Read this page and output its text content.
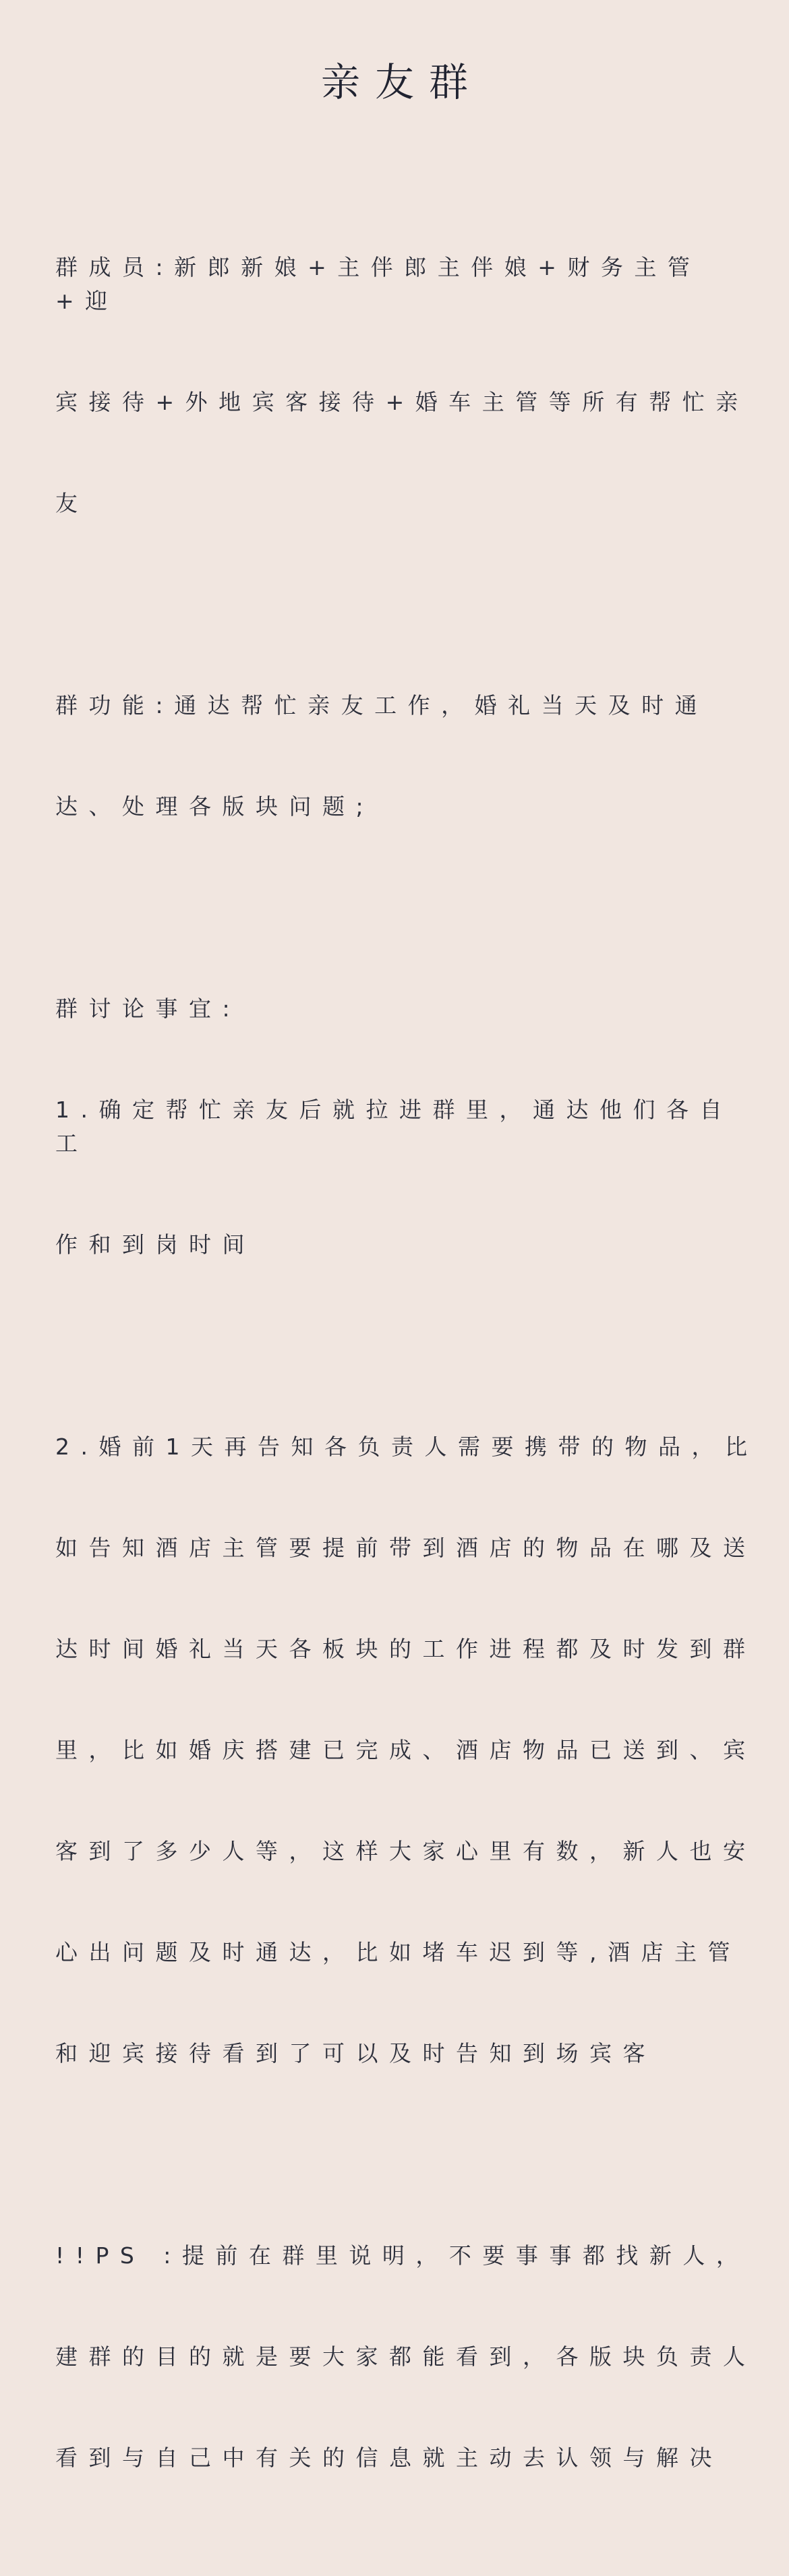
亲友群

群成员:新郎新娘+主伴郎主伴娘+财务主管+迎

宾接待+外地宾客接待+婚车主管等所有帮忙亲

友

群功能:通达帮忙亲友工作，婚礼当天及时通

达、处理各版块问题;

群讨论事宜:

1.确定帮忙亲友后就拉进群里，通达他们各自工

作和到岗时间

2.婚前1天再告知各负责人需要携带的物品，比

如告知酒店主管要提前带到酒店的物品在哪及送

达时间婚礼当天各板块的工作进程都及时发到群

里，比如婚庆搭建已完成、酒店物品已送到、宾

客到了多少人等，这样大家心里有数，新人也安

心出问题及时通达，比如堵车迟到等,酒店主管

和迎宾接待看到了可以及时告知到场宾客

!!PS :提前在群里说明，不要事事都找新人，

建群的目的就是要大家都能看到，各版块负责人

看到与自己中有关的信息就主动去认领与解决
